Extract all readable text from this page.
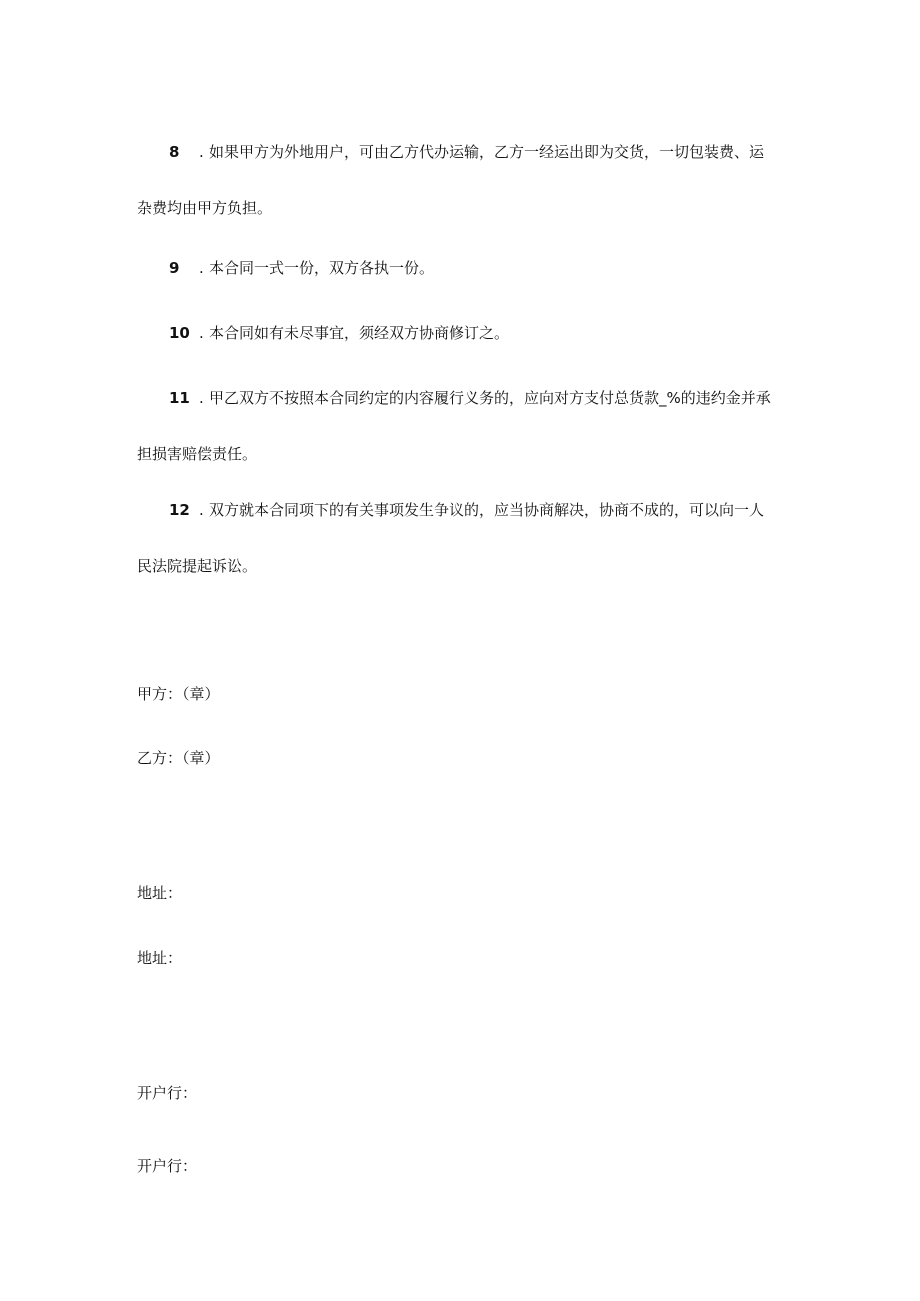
8 . 如果甲方为外地用户，可由乙方代办运输，乙方一经运出即为交货，一切包装费、运
杂费均由甲方负担。
9 . 本合同一式一份，双方各执一份。
10 . 本合同如有未尽事宜，须经双方协商修订之。
11 . 甲乙双方不按照本合同约定的内容履行义务的，应向对方支付总货款_%的违约金并承
担损害赔偿责任。
12 . 双方就本合同项下的有关事项发生争议的，应当协商解决，协商不成的，可以向一人
民法院提起诉讼。
甲方：（章）
乙方：（章）
地址：
地址：
开户行：
开户行：
